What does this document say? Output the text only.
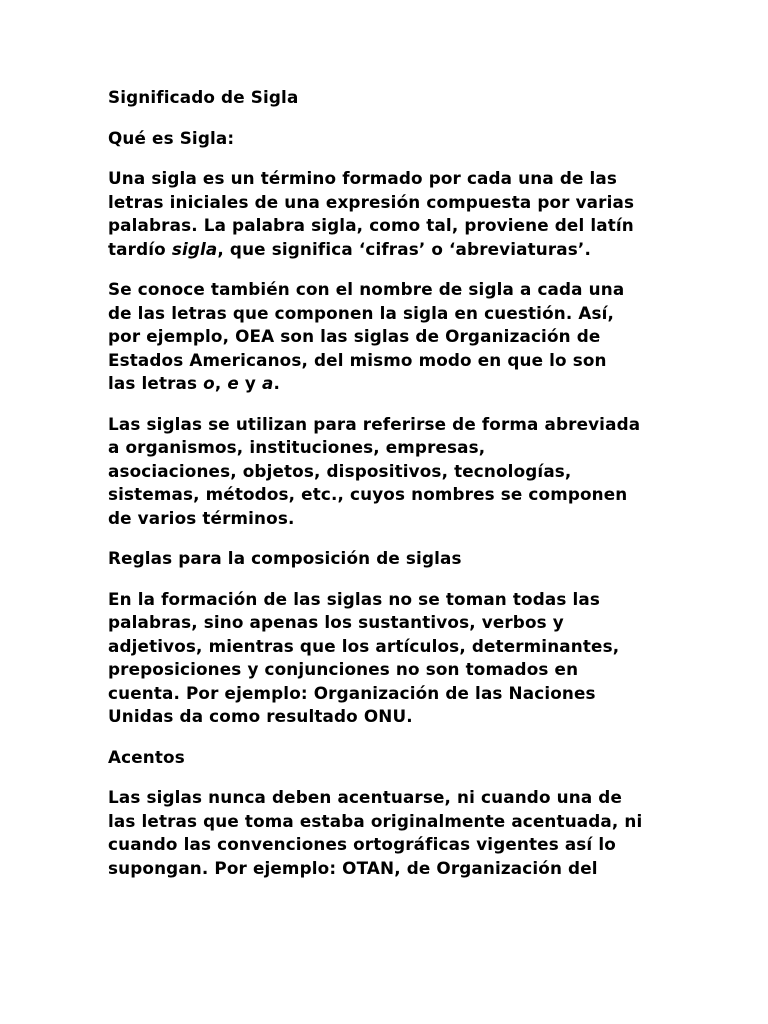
Significado de Sigla
Qué es Sigla:
Una sigla es un término formado por cada una de las
letras iniciales de una expresión compuesta por varias
palabras. La palabra sigla, como tal, proviene del latín
tardío sigla, que significa ‘cifras’ o ‘abreviaturas’.
Se conoce también con el nombre de sigla a cada una
de las letras que componen la sigla en cuestión. Así,
por ejemplo, OEA son las siglas de Organización de
Estados Americanos, del mismo modo en que lo son
las letras o, e y a.
Las siglas se utilizan para referirse de forma abreviada
a organismos, instituciones, empresas,
asociaciones, objetos, dispositivos, tecnologías,
sistemas, métodos, etc., cuyos nombres se componen
de varios términos.
Reglas para la composición de siglas
En la formación de las siglas no se toman todas las
palabras, sino apenas los sustantivos, verbos y
adjetivos, mientras que los artículos, determinantes,
preposiciones y conjunciones no son tomados en
cuenta. Por ejemplo: Organización de las Naciones
Unidas da como resultado ONU.
Acentos
Las siglas nunca deben acentuarse, ni cuando una de
las letras que toma estaba originalmente acentuada, ni
cuando las convenciones ortográficas vigentes así lo
supongan. Por ejemplo: OTAN, de Organización del
